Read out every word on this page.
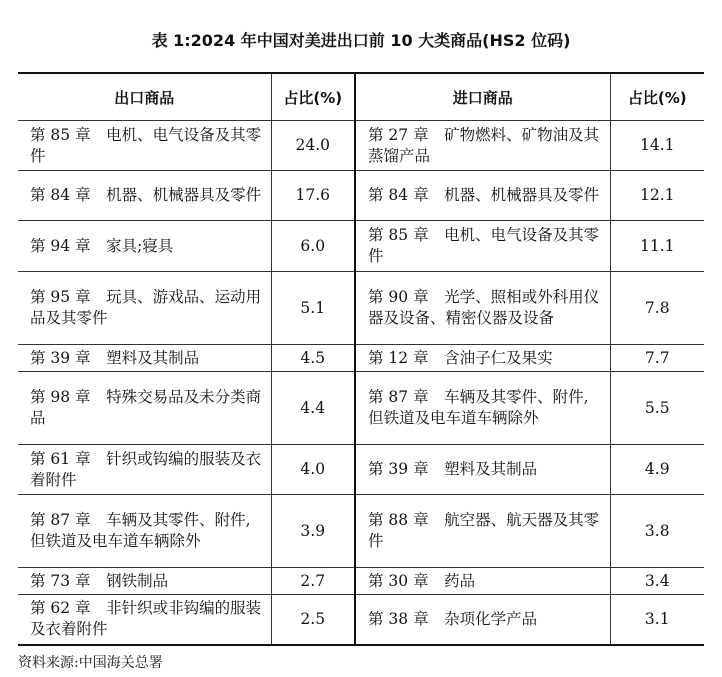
表 1:2024 年中国对美进出口前 10 大类商品(HS2 位码)
出口商品	占比(%)	进口商品	占比(%)
第 85 章　电机、电气设备及其零件	24.0	第 27 章　矿物燃料、矿物油及其蒸馏产品	14.1
第 84 章　机器、机械器具及零件	17.6	第 84 章　机器、机械器具及零件	12.1
第 94 章　家具;寝具	6.0	第 85 章　电机、电气设备及其零件	11.1
第 95 章　玩具、游戏品、运动用品及其零件	5.1	第 90 章　光学、照相或外科用仪器及设备、精密仪器及设备	7.8
第 39 章　塑料及其制品	4.5	第 12 章　含油子仁及果实	7.7
第 98 章　特殊交易品及未分类商品	4.4	第 87 章　车辆及其零件、附件,但铁道及电车道车辆除外	5.5
第 61 章　针织或钩编的服装及衣着附件	4.0	第 39 章　塑料及其制品	4.9
第 87 章　车辆及其零件、附件,但铁道及电车道车辆除外	3.9	第 88 章　航空器、航天器及其零件	3.8
第 73 章　钢铁制品	2.7	第 30 章　药品	3.4
第 62 章　非针织或非钩编的服装及衣着附件	2.5	第 38 章　杂项化学产品	3.1
资料来源:中国海关总署
